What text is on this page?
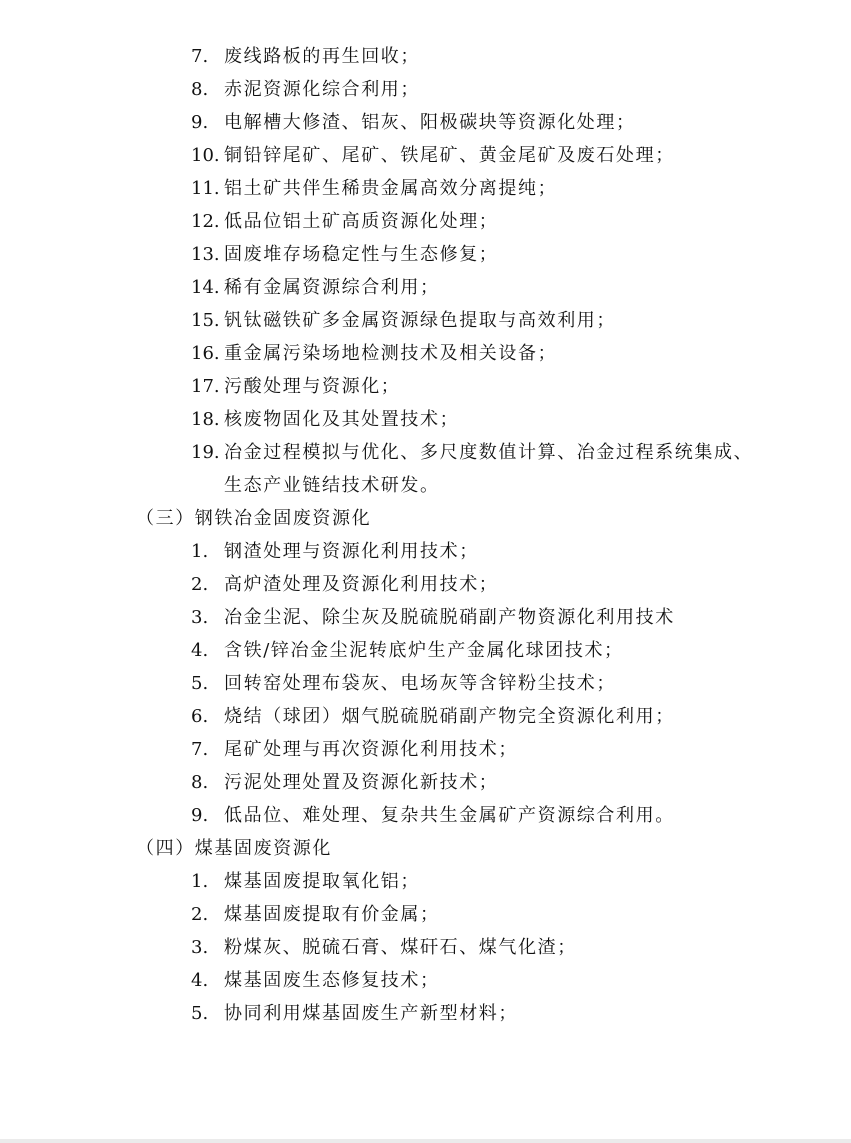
7. 废线路板的再生回收；
8. 赤泥资源化综合利用；
9. 电解槽大修渣、铝灰、阳极碳块等资源化处理；
10. 铜铅锌尾矿、尾矿、铁尾矿、黄金尾矿及废石处理；
11. 铝土矿共伴生稀贵金属高效分离提纯；
12. 低品位铝土矿高质资源化处理；
13. 固废堆存场稳定性与生态修复；
14. 稀有金属资源综合利用；
15. 钒钛磁铁矿多金属资源绿色提取与高效利用；
16. 重金属污染场地检测技术及相关设备；
17. 污酸处理与资源化；
18. 核废物固化及其处置技术；
19. 冶金过程模拟与优化、多尺度数值计算、冶金过程系统集成、
生态产业链结技术研发。
（三）钢铁冶金固废资源化
1. 钢渣处理与资源化利用技术；
2. 高炉渣处理及资源化利用技术；
3. 冶金尘泥、除尘灰及脱硫脱硝副产物资源化利用技术
4. 含铁/锌冶金尘泥转底炉生产金属化球团技术；
5. 回转窑处理布袋灰、电场灰等含锌粉尘技术；
6. 烧结（球团）烟气脱硫脱硝副产物完全资源化利用；
7. 尾矿处理与再次资源化利用技术；
8. 污泥处理处置及资源化新技术；
9. 低品位、难处理、复杂共生金属矿产资源综合利用。
（四）煤基固废资源化
1. 煤基固废提取氧化铝；
2. 煤基固废提取有价金属；
3. 粉煤灰、脱硫石膏、煤矸石、煤气化渣；
4. 煤基固废生态修复技术；
5. 协同利用煤基固废生产新型材料；
